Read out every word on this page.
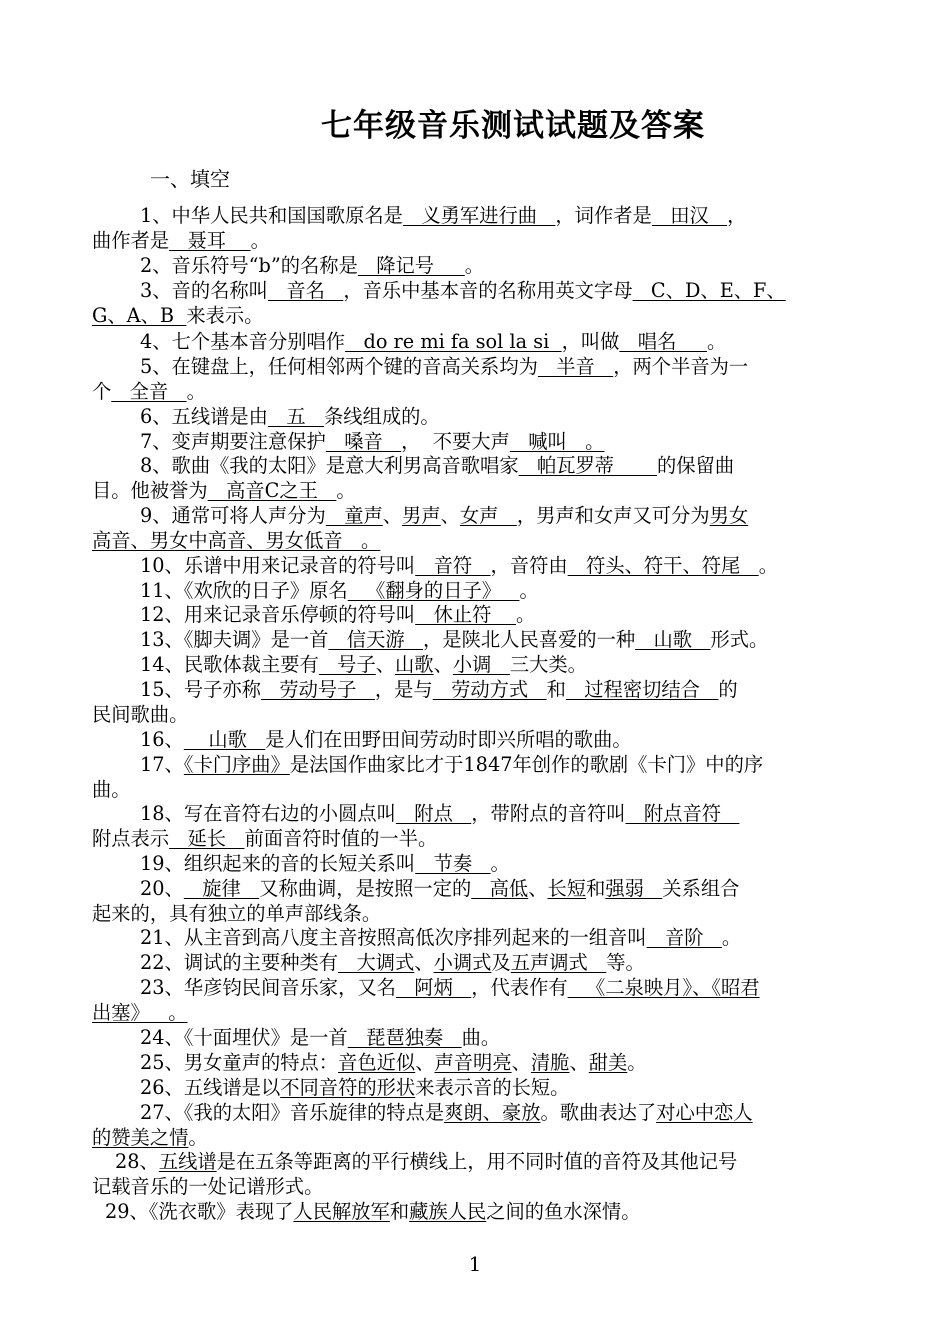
七年级音乐测试试题及答案
一、填空
1、中华人民共和国国歌原名是   义勇军进行曲   ，词作者是   田汉   ，
曲作者是   聂耳    。
2、音乐符号“b”的名称是   降记号     。
3、音的名称叫   音名   ，音乐中基本音的名称用英文字母   C、D、E、F、
G、A、B  来表示。
4、七个基本音分别唱作   do re mi fa sol la si  ，叫做   唱名     。
5、在键盘上，任何相邻两个键的音高关系均为   半音   ，两个半音为一
个   全音   。
6、五线谱是由   五   条线组成的。
7、变声期要注意保护   嗓音   ，  不要大声   喊叫   。
8、歌曲《我的太阳》是意大利男高音歌唱家   帕瓦罗蒂       的保留曲
目。他被誉为   高音C之王   。
9、通常可将人声分为   童声、男声、女声   ，男声和女声又可分为男女
高音、男女中高音、男女低音   。
10、乐谱中用来记录音的符号叫   音符   ，音符由   符头、符干、符尾   。
11、《欢欣的日子》原名   《翻身的日子》   。
12、用来记录音乐停顿的符号叫   休止符    。
13、《脚夫调》是一首   信天游   ，是陕北人民喜爱的一种   山歌   形式。
14、民歌体裁主要有   号子、山歌、小调   三大类。
15、号子亦称   劳动号子   ，是与   劳动方式   和   过程密切结合   的
民间歌曲。
16、    山歌   是人们在田野田间劳动时即兴所唱的歌曲。
17、《卡门序曲》是法国作曲家比才于1847年创作的歌剧《卡门》中的序
曲。
18、写在音符右边的小圆点叫   附点   ，带附点的音符叫   附点音符
附点表示   延长   前面音符时值的一半。
19、组织起来的音的长短关系叫   节奏   。
20、   旋律   又称曲调，是按照一定的   高低、长短和强弱   关系组合
起来的，具有独立的单声部线条。
21、从主音到高八度主音按照高低次序排列起来的一组音叫   音阶   。
22、调试的主要种类有   大调式、小调式及五声调式   等。
23、华彦钧民间音乐家，又名   阿炳   ，代表作有   《二泉映月》、《昭君
出塞》   。
24、《十面埋伏》是一首   琵琶独奏   曲。
25、男女童声的特点：音色近似、声音明亮、清脆、甜美。
26、五线谱是以不同音符的形状来表示音的长短。
27、《我的太阳》音乐旋律的特点是爽朗、豪放。歌曲表达了对心中恋人
的赞美之情。
28、五线谱是在五条等距离的平行横线上，用不同时值的音符及其他记号
记载音乐的一处记谱形式。
29、《洗衣歌》表现了人民解放军和藏族人民之间的鱼水深情。
1
